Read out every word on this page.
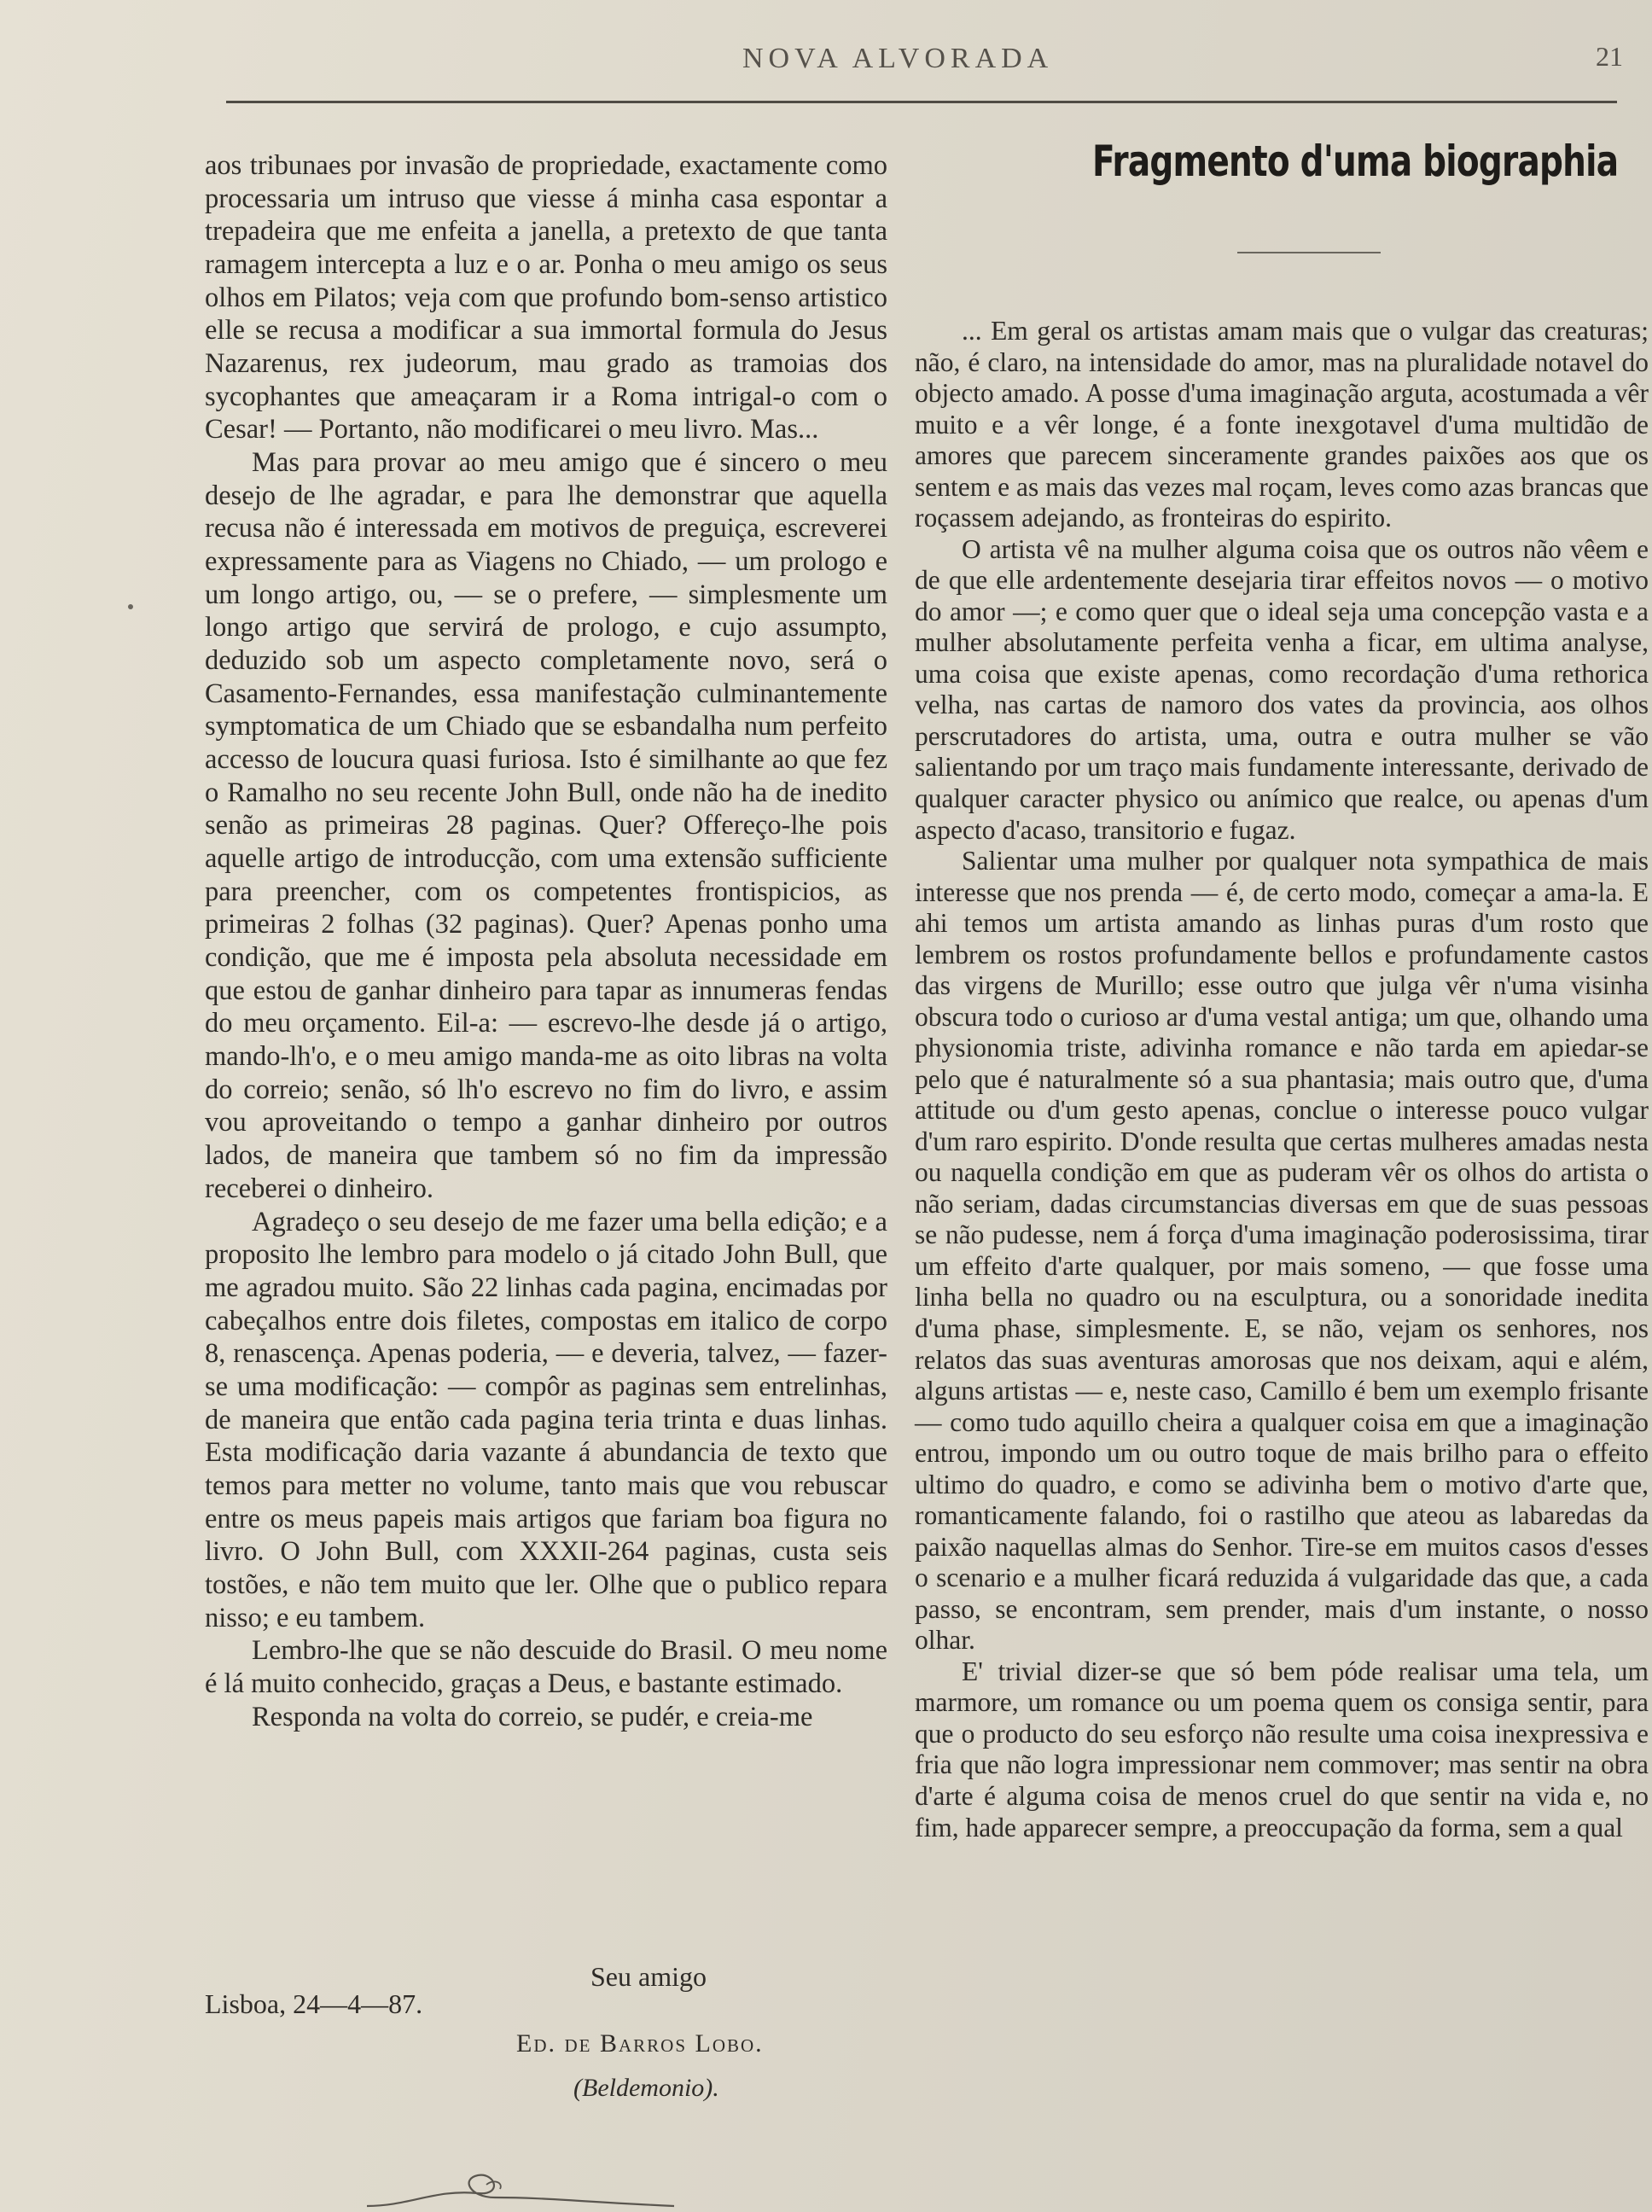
NOVA ALVORADA	21

aos tribunaes por invasão de propriedade, exactamente como processaria um intruso que viesse á minha casa espontar a trepadeira que me enfeita a janella, a pretexto de que tanta ramagem intercepta a luz e o ar. Ponha o meu amigo os seus olhos em Pilatos; veja com que profundo bom-senso artistico elle se recusa a modificar a sua immortal formula do Jesus Nazarenus, rex judeorum, mau grado as tramoias dos sycophantes que ameaçaram ir a Roma intrigal-o com o Cesar! — Portanto, não modificarei o meu livro. Mas...

Mas para provar ao meu amigo que é sincero o meu desejo de lhe agradar, e para lhe demonstrar que aquella recusa não é interessada em motivos de preguiça, escreverei expressamente para as Viagens no Chiado, — um prologo e um longo artigo, ou, — se o prefere, — simplesmente um longo artigo que servirá de prologo, e cujo assumpto, deduzido sob um aspecto completamente novo, será o Casamento-Fernandes, essa manifestação culminantemente symptomatica de um Chiado que se esbandalha num perfeito accesso de loucura quasi furiosa. Isto é similhante ao que fez o Ramalho no seu recente John Bull, onde não ha de inedito senão as primeiras 28 paginas. Quer? Offereço-lhe pois aquelle artigo de introducção, com uma extensão sufficiente para preencher, com os competentes frontispicios, as primeiras 2 folhas (32 paginas). Quer? Apenas ponho uma condição, que me é imposta pela absoluta necessidade em que estou de ganhar dinheiro para tapar as innumeras fendas do meu orçamento. Eil-a: — escrevo-lhe desde já o artigo, mando-lh'o, e o meu amigo manda-me as oito libras na volta do correio; senão, só lh'o escrevo no fim do livro, e assim vou aproveitando o tempo a ganhar dinheiro por outros lados, de maneira que tambem só no fim da impressão receberei o dinheiro.

Agradeço o seu desejo de me fazer uma bella edição; e a proposito lhe lembro para modelo o já citado John Bull, que me agradou muito. São 22 linhas cada pagina, encimadas por cabeçalhos entre dois filetes, compostas em italico de corpo 8, renascença. Apenas poderia, — e deveria, talvez, — fazer-se uma modificação: — compôr as paginas sem entrelinhas, de maneira que então cada pagina teria trinta e duas linhas. Esta modificação daria vazante á abundancia de texto que temos para metter no volume, tanto mais que vou rebuscar entre os meus papeis mais artigos que fariam boa figura no livro. O John Bull, com XXXII-264 paginas, custa seis tostões, e não tem muito que ler. Olhe que o publico repara nisso; e eu tambem.

Lembro-lhe que se não descuide do Brasil. O meu nome é lá muito conhecido, graças a Deus, e bastante estimado.

Responda na volta do correio, se pudér, e creia-me

Seu amigo
Lisboa, 24—4—87.
Ed. de Barros Lobo.
(Beldemonio).
Fragmento d'uma biographia

... Em geral os artistas amam mais que o vulgar das creaturas; não, é claro, na intensidade do amor, mas na pluralidade notavel do objecto amado. A posse d'uma imaginação arguta, acostumada a vêr muito e a vêr longe, é a fonte inexgotavel d'uma multidão de amores que parecem sinceramente grandes paixões aos que os sentem e as mais das vezes mal roçam, leves como azas brancas que roçassem adejando, as fronteiras do espirito.

O artista vê na mulher alguma coisa que os outros não vêem e de que elle ardentemente desejaria tirar effeitos novos — o motivo do amor —; e como quer que o ideal seja uma concepção vasta e a mulher absolutamente perfeita venha a ficar, em ultima analyse, uma coisa que existe apenas, como recordação d'uma rethorica velha, nas cartas de namoro dos vates da provincia, aos olhos perscrutadores do artista, uma, outra e outra mulher se vão salientando por um traço mais fundamente interessante, derivado de qualquer caracter physico ou anímico que realce, ou apenas d'um aspecto d'acaso, transitorio e fugaz.

Salientar uma mulher por qualquer nota sympathica de mais interesse que nos prenda — é, de certo modo, começar a ama-la. E ahi temos um artista amando as linhas puras d'um rosto que lembrem os rostos profundamente bellos e profundamente castos das virgens de Murillo; esse outro que julga vêr n'uma visinha obscura todo o curioso ar d'uma vestal antiga; um que, olhando uma physionomia triste, adivinha romance e não tarda em apiedar-se pelo que é naturalmente só a sua phantasia; mais outro que, d'uma attitude ou d'um gesto apenas, conclue o interesse pouco vulgar d'um raro espirito. D'onde resulta que certas mulheres amadas nesta ou naquella condição em que as puderam vêr os olhos do artista o não seriam, dadas circumstancias diversas em que de suas pessoas se não pudesse, nem á força d'uma imaginação poderosissima, tirar um effeito d'arte qualquer, por mais someno, — que fosse uma linha bella no quadro ou na esculptura, ou a sonoridade inedita d'uma phase, simplesmente. E, se não, vejam os senhores, nos relatos das suas aventuras amorosas que nos deixam, aqui e além, alguns artistas — e, neste caso, Camillo é bem um exemplo frisante — como tudo aquillo cheira a qualquer coisa em que a imaginação entrou, impondo um ou outro toque de mais brilho para o effeito ultimo do quadro, e como se adivinha bem o motivo d'arte que, romanticamente falando, foi o rastilho que ateou as labaredas da paixão naquellas almas do Senhor. Tire-se em muitos casos d'esses o scenario e a mulher ficará reduzida á vulgaridade das que, a cada passo, se encontram, sem prender, mais d'um instante, o nosso olhar.

E' trivial dizer-se que só bem póde realisar uma tela, um marmore, um romance ou um poema quem os consiga sentir, para que o producto do seu esforço não resulte uma coisa inexpressiva e fria que não logra impressionar nem commover; mas sentir na obra d'arte é alguma coisa de menos cruel do que sentir na vida e, no fim, hade apparecer sempre, a preoccupação da forma, sem a qual
